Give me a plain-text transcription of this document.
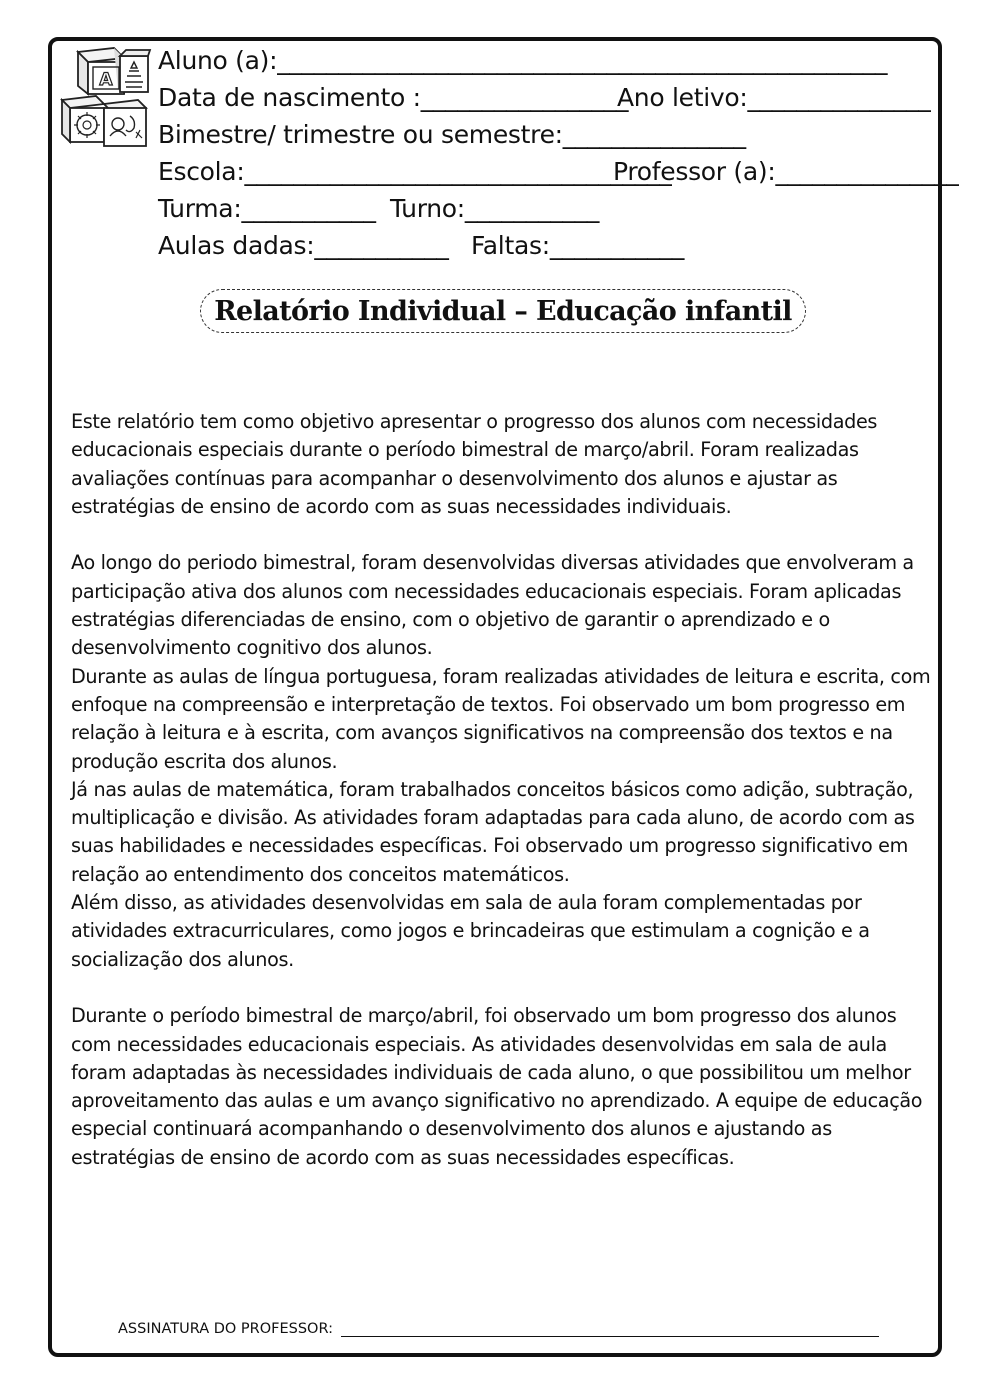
A
Aluno (a):__________________________________________________
Data de nascimento :_________________
Ano letivo:_______________
Bimestre/ trimestre ou semestre:_______________
Escola:___________________________________
Professor (a):_______________
Turma:___________ Turno:___________
Aulas dadas:___________ Faltas:___________
Relatório Individual – Educação infantil

Este relatório tem como objetivo apresentar o progresso dos alunos com necessidades educacionais especiais durante o período bimestral de março/abril. Foram realizadas avaliações contínuas para acompanhar o desenvolvimento dos alunos e ajustar as estratégias de ensino de acordo com as suas necessidades individuais.

Ao longo do periodo bimestral, foram desenvolvidas diversas atividades que envolveram a participação ativa dos alunos com necessidades educacionais especiais. Foram aplicadas estratégias diferenciadas de ensino, com o objetivo de garantir o aprendizado e o desenvolvimento cognitivo dos alunos.

Durante as aulas de língua portuguesa, foram realizadas atividades de leitura e escrita, com enfoque na compreensão e interpretação de textos. Foi observado um bom progresso em relação à leitura e à escrita, com avanços significativos na compreensão dos textos e na produção escrita dos alunos.

Já nas aulas de matemática, foram trabalhados conceitos básicos como adição, subtração, multiplicação e divisão. As atividades foram adaptadas para cada aluno, de acordo com as suas habilidades e necessidades específicas. Foi observado um progresso significativo em relação ao entendimento dos conceitos matemáticos.

Além disso, as atividades desenvolvidas em sala de aula foram complementadas por atividades extracurriculares, como jogos e brincadeiras que estimulam a cognição e a socialização dos alunos.

Durante o período bimestral de março/abril, foi observado um bom progresso dos alunos com necessidades educacionais especiais. As atividades desenvolvidas em sala de aula foram adaptadas às necessidades individuais de cada aluno, o que possibilitou um melhor aproveitamento das aulas e um avanço significativo no aprendizado. A equipe de educação especial continuará acompanhando o desenvolvimento dos alunos e ajustando as estratégias de ensino de acordo com as suas necessidades específicas.

ASSINATURA DO PROFESSOR:
